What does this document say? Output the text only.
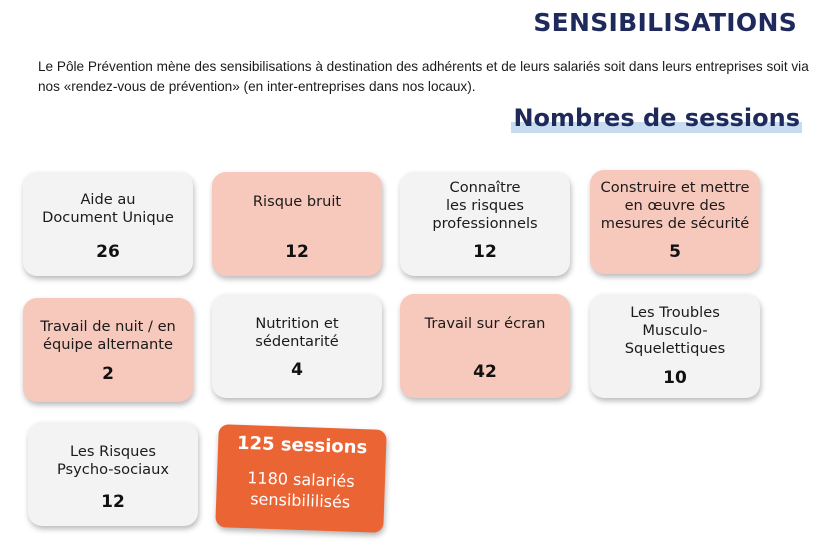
SENSIBILISATIONS
Le Pôle Prévention mène des sensibilisations à destination des adhérents et de leurs salariés soit dans leurs entreprises soit via nos «rendez-vous de prévention» (en inter-entreprises dans nos locaux).
Nombres de sessions
Aide au
Document Unique
26
Risque bruit
12
Connaître
les risques
professionnels
12
Construire et mettre
en œuvre des
mesures de sécurité
5
Travail de nuit / en
équipe alternante
2
Nutrition et
sédentarité
4
Travail sur écran
42
Les Troubles
Musculo-
Squelettiques
10
Les Risques
Psycho-sociaux
12
125 sessions
1180 salariés
sensibililisés
